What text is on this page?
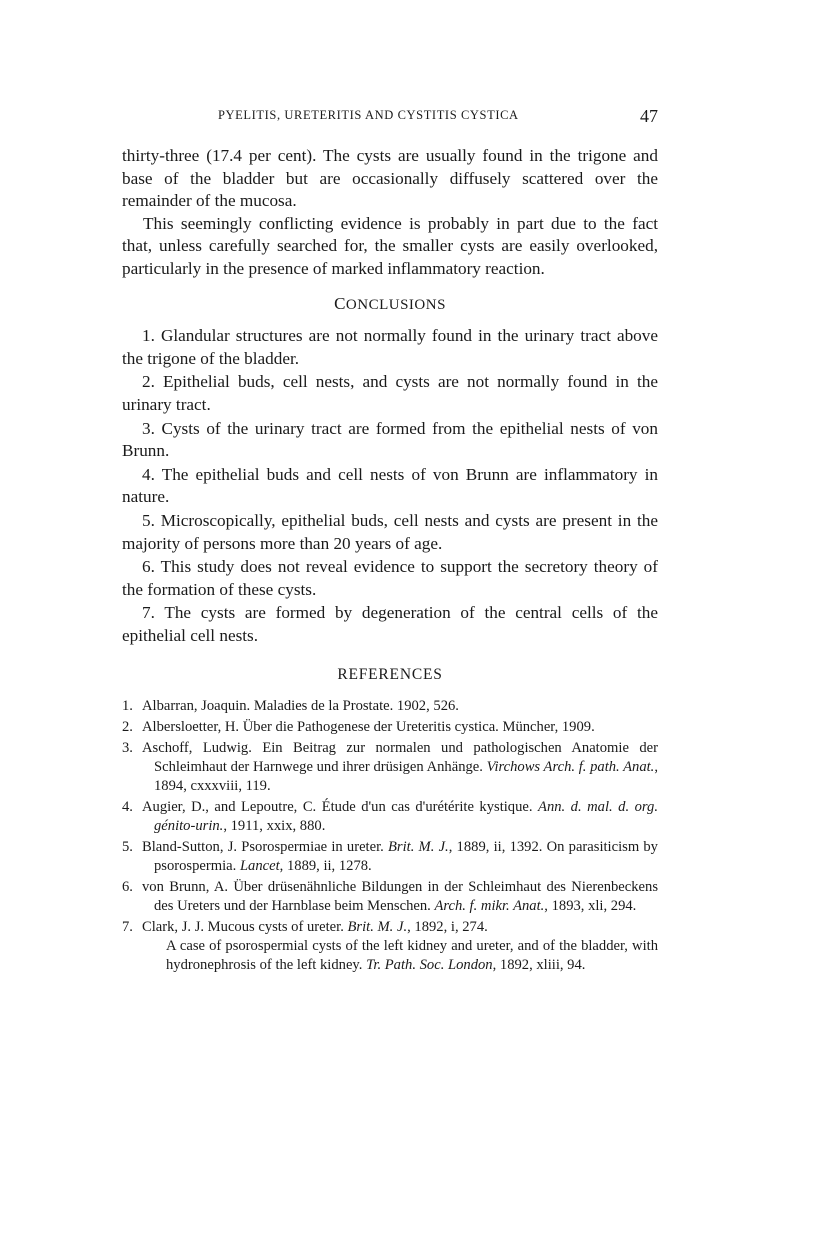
PYELITIS, URETERITIS AND CYSTITIS CYSTICA	47

thirty-three (17.4 per cent). The cysts are usually found in the trigone and base of the bladder but are occasionally diffusely scattered over the remainder of the mucosa.

This seemingly conflicting evidence is probably in part due to the fact that, unless carefully searched for, the smaller cysts are easily overlooked, particularly in the presence of marked inflammatory reaction.

CONCLUSIONS

1. Glandular structures are not normally found in the urinary tract above the trigone of the bladder.

2. Epithelial buds, cell nests, and cysts are not normally found in the urinary tract.

3. Cysts of the urinary tract are formed from the epithelial nests of von Brunn.

4. The epithelial buds and cell nests of von Brunn are inflammatory in nature.

5. Microscopically, epithelial buds, cell nests and cysts are present in the majority of persons more than 20 years of age.

6. This study does not reveal evidence to support the secretory theory of the formation of these cysts.

7. The cysts are formed by degeneration of the central cells of the epithelial cell nests.

REFERENCES

1. Albarran, Joaquin. Maladies de la Prostate. 1902, 526.

2. Albersloetter, H. Über die Pathogenese der Ureteritis cystica. Müncher, 1909.

3. Aschoff, Ludwig. Ein Beitrag zur normalen und pathologischen Anatomie der Schleimhaut der Harnwege und ihrer drüsigen Anhänge. Virchows Arch. f. path. Anat., 1894, cxxxviii, 119.

4. Augier, D., and Lepoutre, C. Étude d'un cas d'urétérite kystique. Ann. d. mal. d. org. génito-urin., 1911, xxix, 880.

5. Bland-Sutton, J. Psorospermiae in ureter. Brit. M. J., 1889, ii, 1392. On parasiticism by psorospermia. Lancet, 1889, ii, 1278.

6. von Brunn, A. Über drüsenähnliche Bildungen in der Schleimhaut des Nierenbeckens des Ureters und der Harnblase beim Menschen. Arch. f. mikr. Anat., 1893, xli, 294.

7. Clark, J. J. Mucous cysts of ureter. Brit. M. J., 1892, i, 274.
A case of psorospermial cysts of the left kidney and ureter, and of the bladder, with hydronephrosis of the left kidney. Tr. Path. Soc. London, 1892, xliii, 94.
